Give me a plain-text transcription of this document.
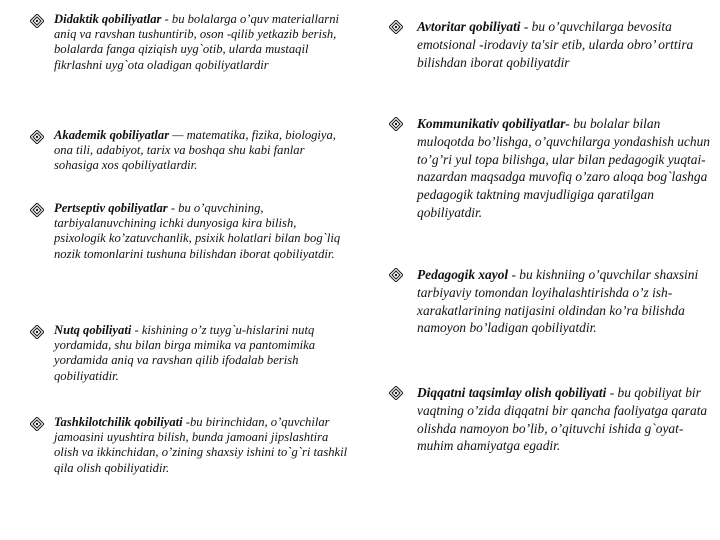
Didaktik qobiliyatlar - bu bolalarga o’quv materiallarni aniq va ravshan tushuntirib, oson -qilib yetkazib berish, bolalarda fanga qiziqish uyg`otib, ularda mustaqil fikrlashni uyg`ota oladigan qobiliyatlardir
Akademik qobiliyatlar — matematika, fizika, biologiya, ona tili, adabiyot, tarix va boshqa shu kabi fanlar sohasiga xos qobiliyatlardir.
Pertseptiv qobiliyatlar - bu o’quvchining, tarbiyalanuvchining ichki dunyosiga kira bilish, psixologik ko’zatuvchanlik, psixik holatlari bilan bog`liq nozik tomonlarini tushuna bilishdan iborat qobiliyatdir.
Nutq qobiliyati - kishining o’z tuyg`u-hislarini nutq yordamida, shu bilan birga mimika va pantomimika yordamida aniq va ravshan qilib ifodalab berish qobiliyatidir.
Tashkilotchilik qobiliyati -bu birinchidan, o’quvchilar jamoasini uyushtira bilish, bunda jamoani jipslashtira olish va ikkinchidan, o’zining shaxsiy ishini to`g`ri tashkil qila olish qobiliyatidir.
Avtoritar qobiliyati - bu o’quvchilarga bevosita emotsional -irodaviy ta'sir etib, ularda obro’ orttira bilishdan iborat qobiliyatdir
Kommunikativ qobiliyatlar- bu bolalar bilan muloqotda bo’lishga, o’quvchilarga yondashish uchun to’g’ri yul topa bilishga, ular bilan pedagogik yuqtai-nazardan maqsadga muvofiq o’zaro aloqa bog`lashga pedagogik taktning mavjudligiga qaratilgan qobiliyatdir.
Pedagogik xayol - bu kishniing o’quvchilar shaxsini tarbiyaviy tomondan loyihalashtirishda o’z ish-xarakatlarining natijasini oldindan ko’ra bilishda namoyon bo’ladigan qobiliyatdir.
Diqqatni taqsimlay olish qobiliyati - bu qobiliyat bir vaqtning o’zida diqqatni bir qancha faoliyatga qarata olishda namoyon bo’lib, o’qituvchi ishida g`oyat-muhim ahamiyatga egadir.
